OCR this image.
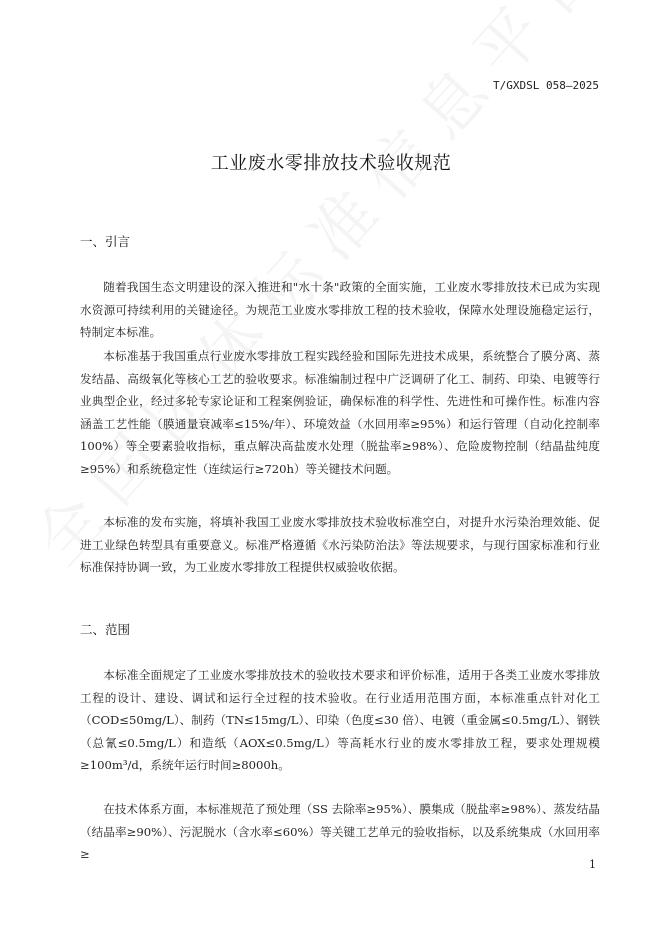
T/GXDSL 058—2025
工业废水零排放技术验收规范
一、引言

随着我国生态文明建设的深入推进和"水十条"政策的全面实施，工业废水零排放技术已成为实现水资源可持续利用的关键途径。为规范工业废水零排放工程的技术验收，保障水处理设施稳定运行，特制定本标准。

本标准基于我国重点行业废水零排放工程实践经验和国际先进技术成果，系统整合了膜分离、蒸发结晶、高级氧化等核心工艺的验收要求。标准编制过程中广泛调研了化工、制药、印染、电镀等行业典型企业，经过多轮专家论证和工程案例验证，确保标准的科学性、先进性和可操作性。标准内容涵盖工艺性能（膜通量衰减率≤15%/年）、环境效益（水回用率≥95%）和运行管理（自动化控制率 100%）等全要素验收指标，重点解决高盐废水处理（脱盐率≥98%）、危险废物控制（结晶盐纯度≥95%）和系统稳定性（连续运行≥720h）等关键技术问题。

本标准的发布实施，将填补我国工业废水零排放技术验收标准空白，对提升水污染治理效能、促进工业绿色转型具有重要意义。标准严格遵循《水污染防治法》等法规要求，与现行国家标准和行业标准保持协调一致，为工业废水零排放工程提供权威验收依据。

二、范围

本标准全面规定了工业废水零排放技术的验收技术要求和评价标准，适用于各类工业废水零排放工程的设计、建设、调试和运行全过程的技术验收。在行业适用范围方面，本标准重点针对化工（COD≤50mg/L）、制药（TN≤15mg/L）、印染（色度≤30 倍）、电镀（重金属≤0.5mg/L）、钢铁（总氰≤0.5mg/L）和造纸（AOX≤0.5mg/L）等高耗水行业的废水零排放工程，要求处理规模≥100m³/d，系统年运行时间≥8000h。

在技术体系方面，本标准规范了预处理（SS 去除率≥95%）、膜集成（脱盐率≥98%）、蒸发结晶（结晶率≥90%）、污泥脱水（含水率≤60%）等关键工艺单元的验收指标，以及系统集成（水回用率≥

1
